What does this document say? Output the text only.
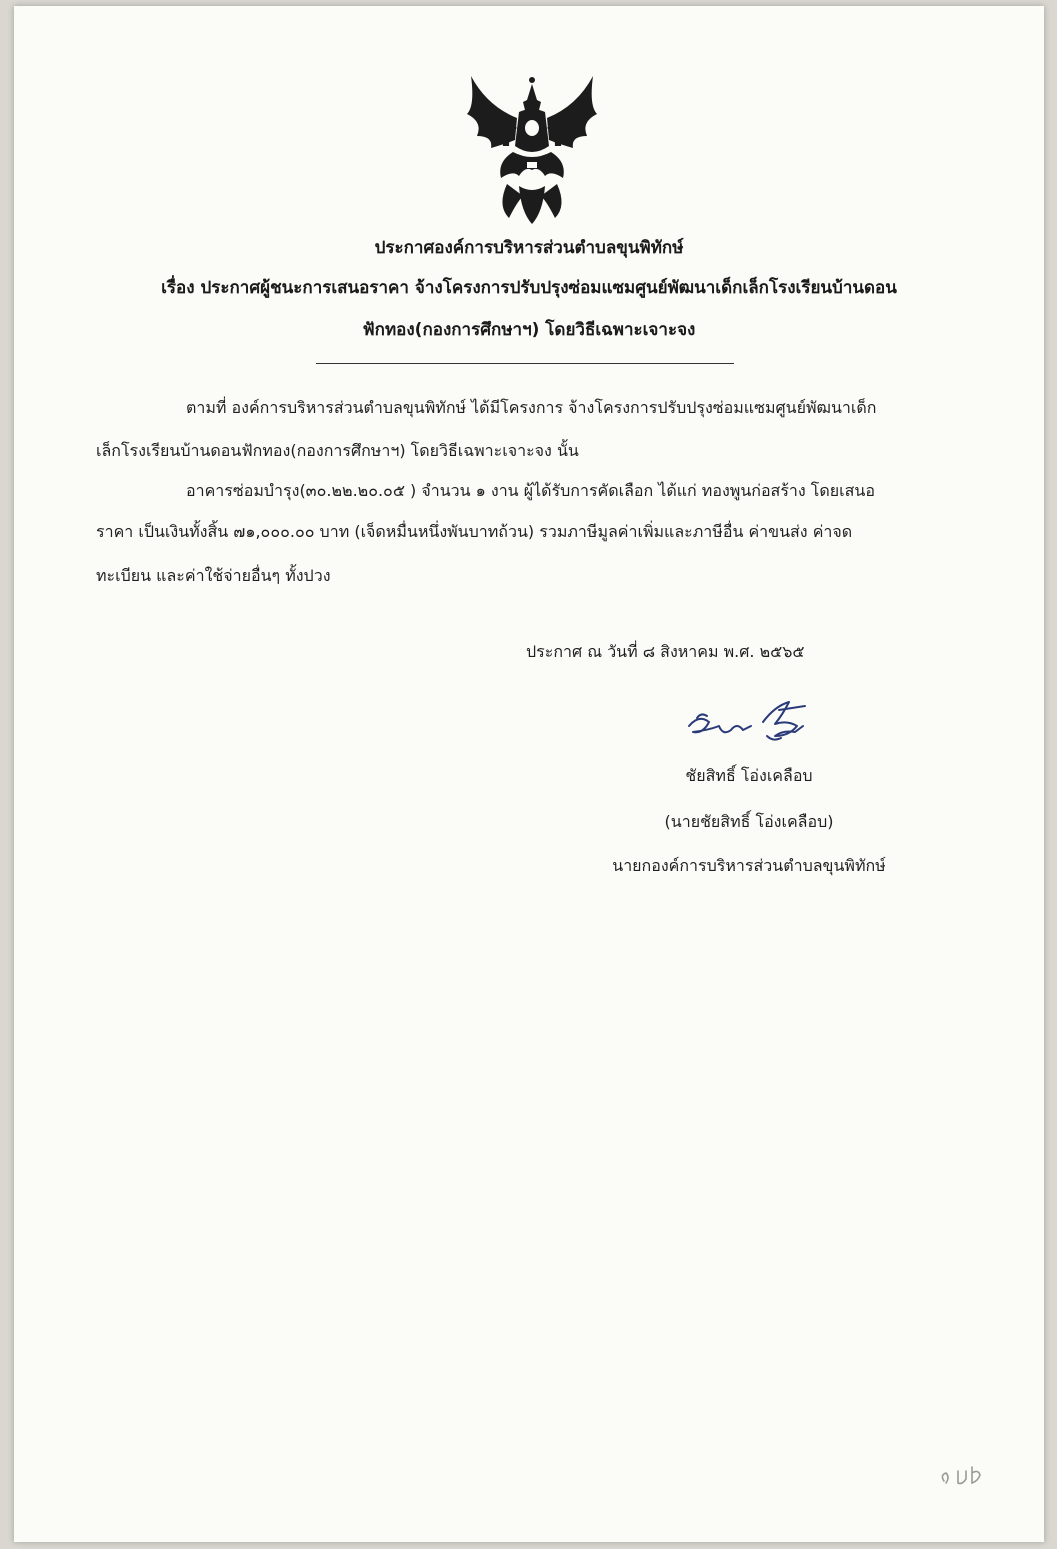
ประกาศองค์การบริหารส่วนตำบลขุนพิทักษ์
เรื่อง ประกาศผู้ชนะการเสนอราคา จ้างโครงการปรับปรุงซ่อมแซมศูนย์พัฒนาเด็กเล็กโรงเรียนบ้านดอน
ฟักทอง(กองการศึกษาฯ) โดยวิธีเฉพาะเจาะจง
ตามที่ องค์การบริหารส่วนตำบลขุนพิทักษ์ ได้มีโครงการ จ้างโครงการปรับปรุงซ่อมแซมศูนย์พัฒนาเด็ก
เล็กโรงเรียนบ้านดอนฟักทอง(กองการศึกษาฯ) โดยวิธีเฉพาะเจาะจง นั้น
อาคารซ่อมบำรุง(๓๐.๒๒.๒๐.๐๕ ) จำนวน ๑ งาน ผู้ได้รับการคัดเลือก ได้แก่ ทองพูนก่อสร้าง โดยเสนอ
ราคา เป็นเงินทั้งสิ้น ๗๑,๐๐๐.๐๐ บาท (เจ็ดหมื่นหนึ่งพันบาทถ้วน) รวมภาษีมูลค่าเพิ่มและภาษีอื่น ค่าขนส่ง ค่าจด
ทะเบียน และค่าใช้จ่ายอื่นๆ ทั้งปวง
ประกาศ ณ วันที่ ๘ สิงหาคม พ.ศ. ๒๕๖๕
ชัยสิทธิ์ โอ่งเคลือบ
(นายชัยสิทธิ์ โอ่งเคลือบ)
นายกองค์การบริหารส่วนตำบลขุนพิทักษ์
